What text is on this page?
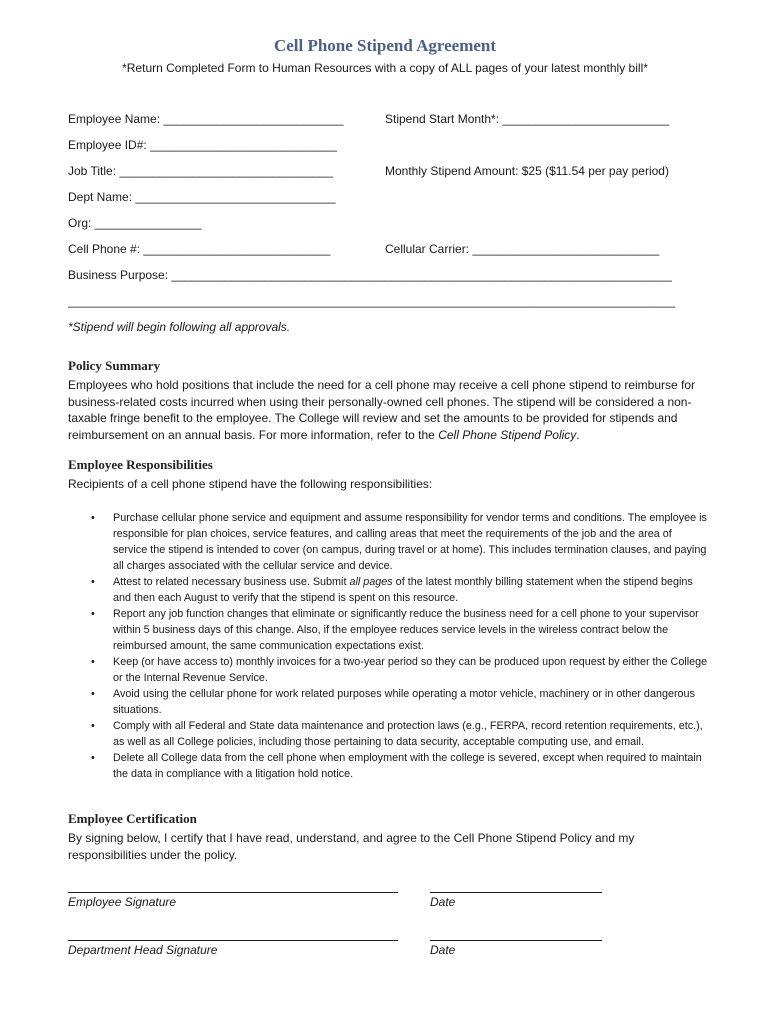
Cell Phone Stipend Agreement
*Return Completed Form to Human Resources with a copy of ALL pages of your latest monthly bill*
Employee Name: ___________________________	Stipend Start Month*: _________________________
Employee ID#: ____________________________
Job Title: ________________________________	Monthly Stipend Amount: $25 ($11.54 per pay period)
Dept Name: ______________________________
Org: ________________
Cell Phone #: ____________________________	Cellular Carrier: ____________________________
Business Purpose: ___________________________________________________________________________
___________________________________________________________________________________________
*Stipend will begin following all approvals.
Policy Summary
Employees who hold positions that include the need for a cell phone may receive a cell phone stipend to reimburse for business-related costs incurred when using their personally-owned cell phones. The stipend will be considered a non-taxable fringe benefit to the employee. The College will review and set the amounts to be provided for stipends and reimbursement on an annual basis. For more information, refer to the Cell Phone Stipend Policy.
Employee Responsibilities
Recipients of a cell phone stipend have the following responsibilities:
• Purchase cellular phone service and equipment and assume responsibility for vendor terms and conditions. The employee is responsible for plan choices, service features, and calling areas that meet the requirements of the job and the area of service the stipend is intended to cover (on campus, during travel or at home). This includes termination clauses, and paying all charges associated with the cellular service and device.
• Attest to related necessary business use. Submit all pages of the latest monthly billing statement when the stipend begins and then each August to verify that the stipend is spent on this resource.
• Report any job function changes that eliminate or significantly reduce the business need for a cell phone to your supervisor within 5 business days of this change. Also, if the employee reduces service levels in the wireless contract below the reimbursed amount, the same communication expectations exist.
• Keep (or have access to) monthly invoices for a two-year period so they can be produced upon request by either the College or the Internal Revenue Service.
• Avoid using the cellular phone for work related purposes while operating a motor vehicle, machinery or in other dangerous situations.
• Comply with all Federal and State data maintenance and protection laws (e.g., FERPA, record retention requirements, etc.), as well as all College policies, including those pertaining to data security, acceptable computing use, and email.
• Delete all College data from the cell phone when employment with the college is severed, except when required to maintain the data in compliance with a litigation hold notice.
Employee Certification
By signing below, I certify that I have read, understand, and agree to the Cell Phone Stipend Policy and my responsibilities under the policy.
Employee Signature	Date
Department Head Signature	Date
